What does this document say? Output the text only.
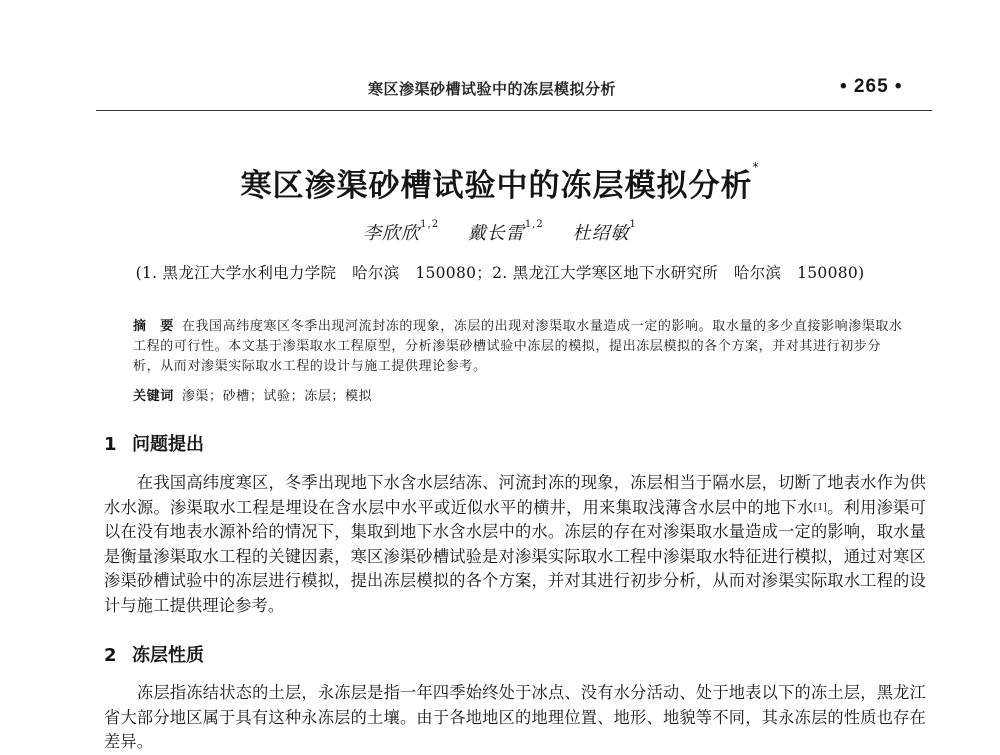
寒区渗渠砂槽试验中的冻层模拟分析	• 265 •
寒区渗渠砂槽试验中的冻层模拟分析*
李欣欣$^{1,2}$ 戴长雷$^{1,2}$ 杜绍敏$^1$
(1. 黑龙江大学水利电力学院　哈尔滨　150080；2. 黑龙江大学寒区地下水研究所　哈尔滨　150080)
摘　要 在我国高纬度寒区冬季出现河流封冻的现象，冻层的出现对渗渠取水量造成一定的影响。取水量的多少直接影响渗渠取水工程的可行性。本文基于渗渠取水工程原型，分析渗渠砂槽试验中冻层的模拟，提出冻层模拟的各个方案，并对其进行初步分析，从而对渗渠实际取水工程的设计与施工提供理论参考。
关键词 渗渠；砂槽；试验；冻层；模拟
1 问题提出
在我国高纬度寒区，冬季出现地下水含水层结冻、河流封冻的现象，冻层相当于隔水层，切断了地表水作为供水水源。渗渠取水工程是埋设在含水层中水平或近似水平的横井，用来集取浅薄含水层中的地下水[1]。利用渗渠可以在没有地表水源补给的情况下，集取到地下水含水层中的水。冻层的存在对渗渠取水量造成一定的影响，取水量是衡量渗渠取水工程的关键因素，寒区渗渠砂槽试验是对渗渠实际取水工程中渗渠取水特征进行模拟，通过对寒区渗渠砂槽试验中的冻层进行模拟，提出冻层模拟的各个方案，并对其进行初步分析，从而对渗渠实际取水工程的设计与施工提供理论参考。
2 冻层性质
冻层指冻结状态的土层，永冻层是指一年四季始终处于冰点、没有水分活动、处于地表以下的冻土层，黑龙江省大部分地区属于具有这种永冻层的土壤。由于各地地区的地理位置、地形、地貌等不同，其永冻层的性质也存在差异。
